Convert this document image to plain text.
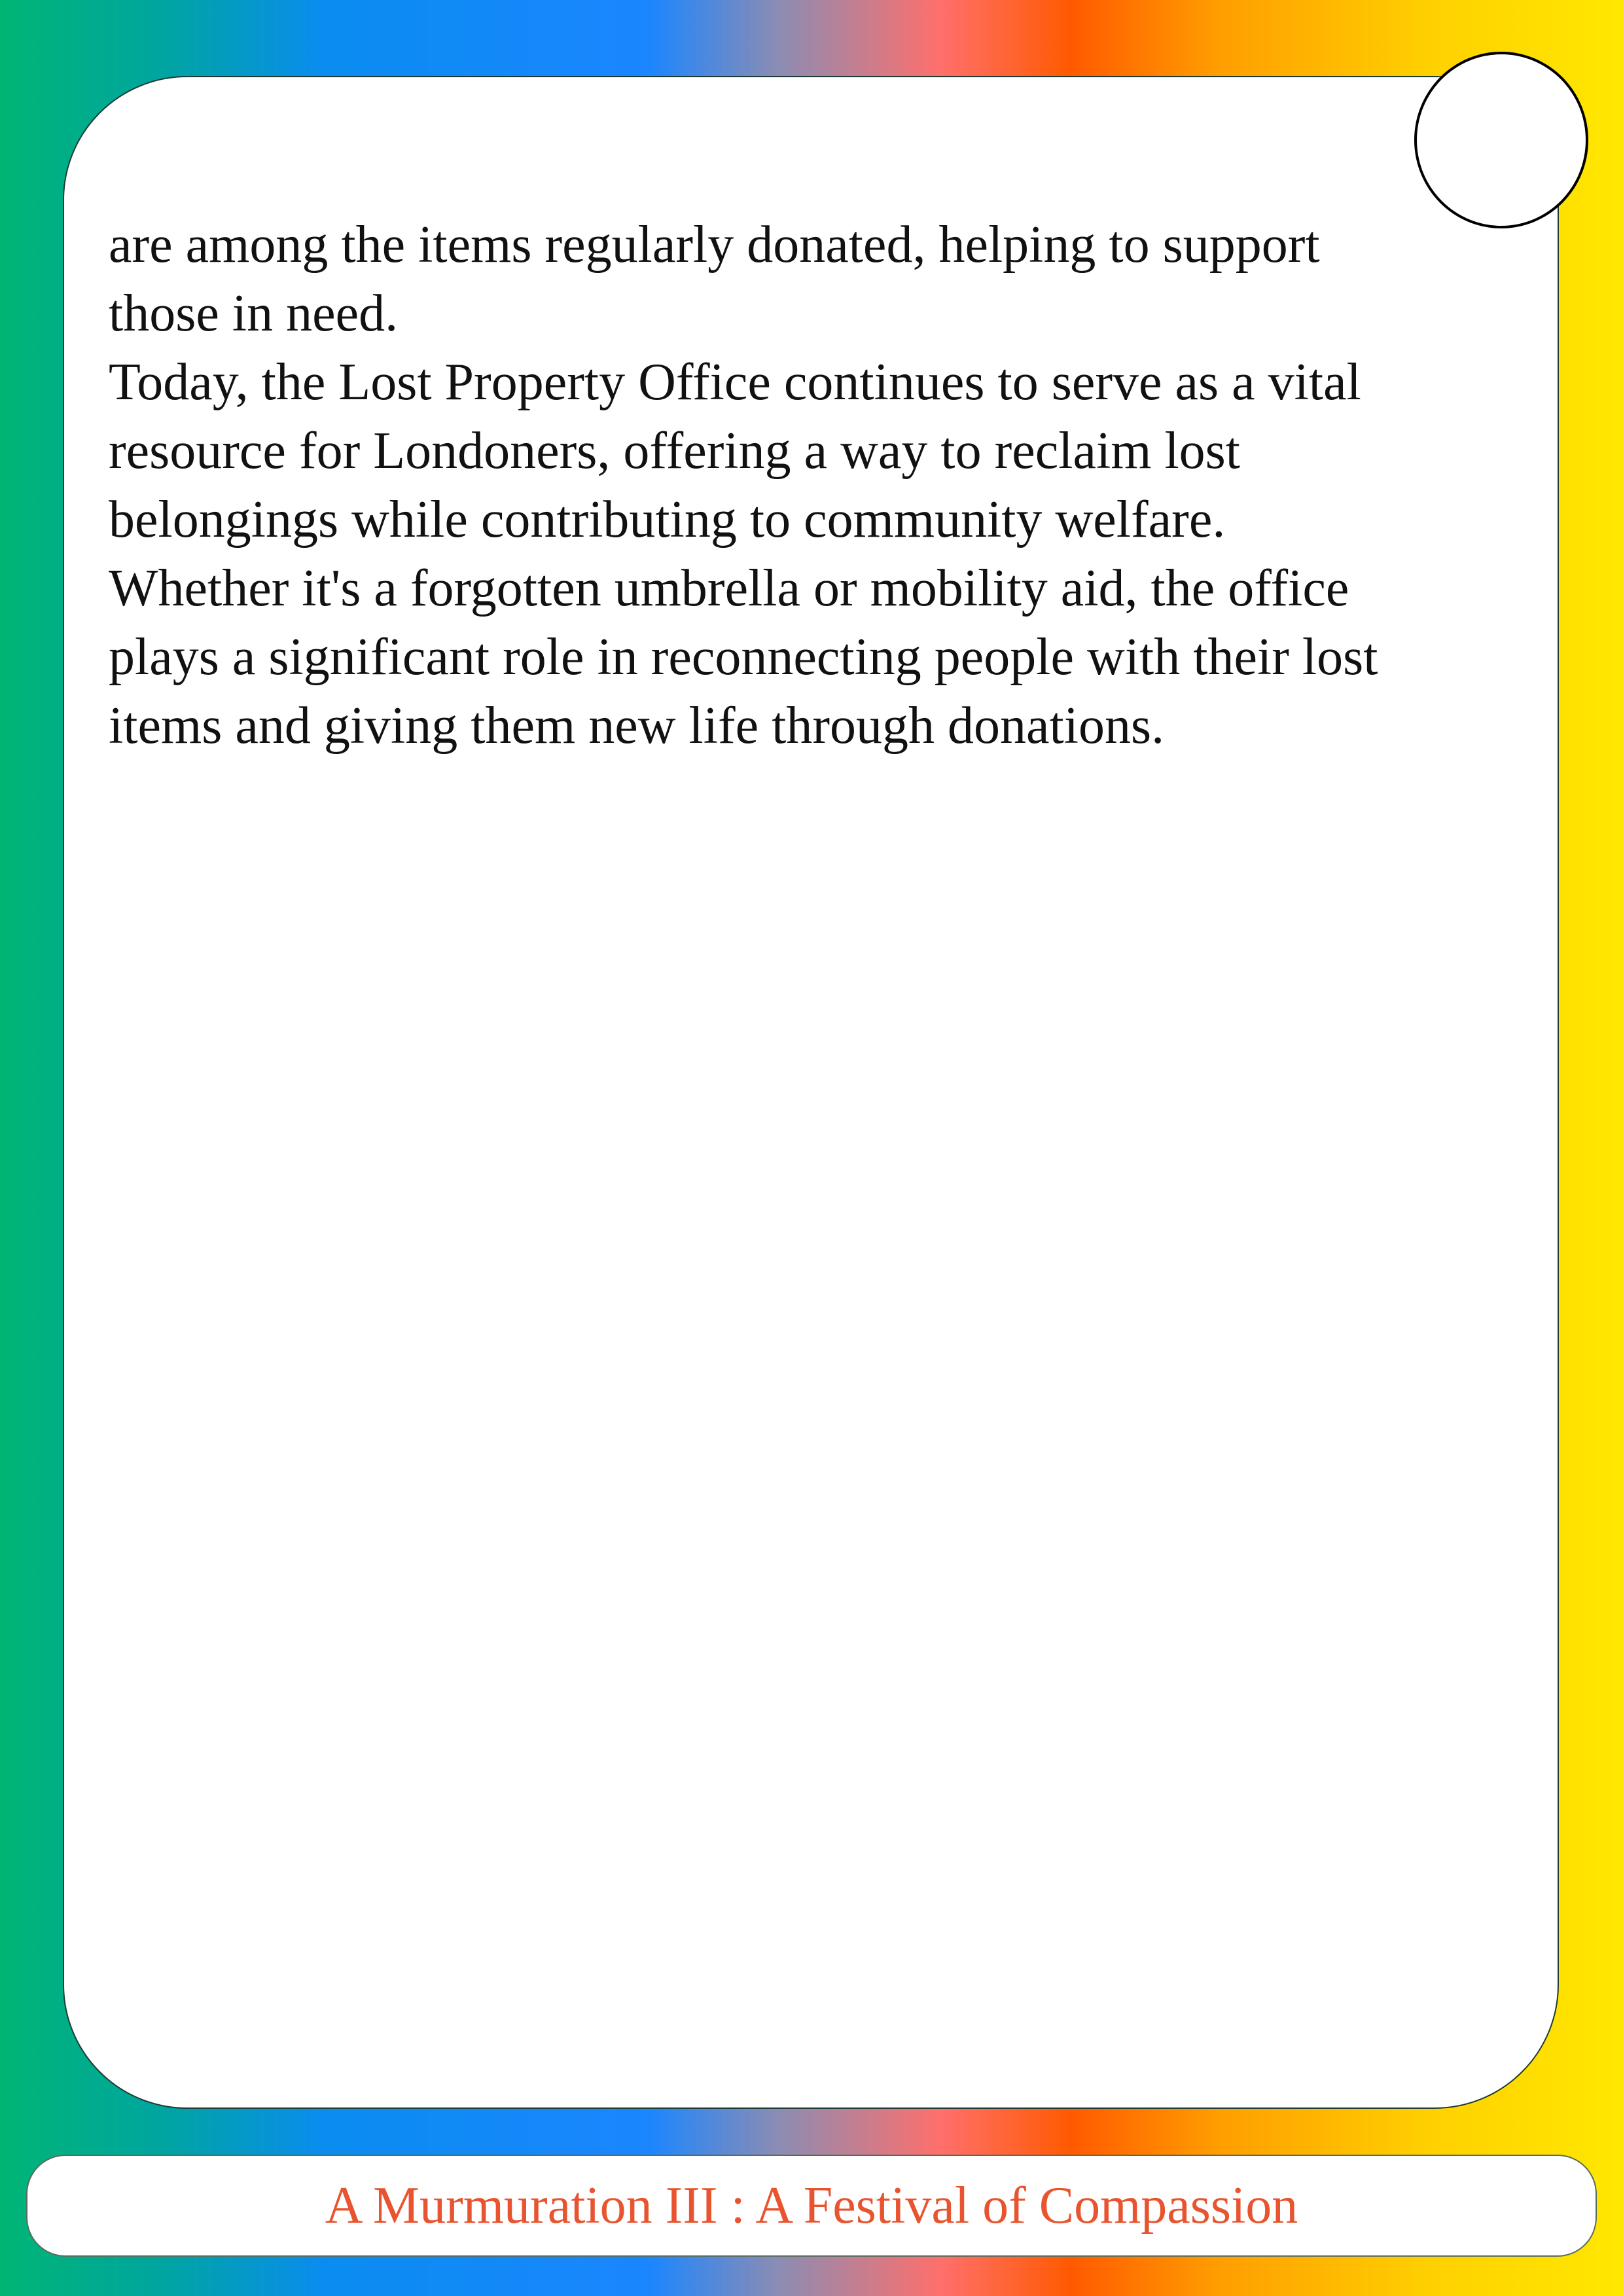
are among the items regularly donated, helping to support
those in need.
Today, the Lost Property Office continues to serve as a vital
resource for Londoners, offering a way to reclaim lost
belongings while contributing to community welfare.
Whether it's a forgotten umbrella or mobility aid, the office
plays a significant role in reconnecting people with their lost
items and giving them new life through donations.
A Murmuration III : A Festival of Compassion
